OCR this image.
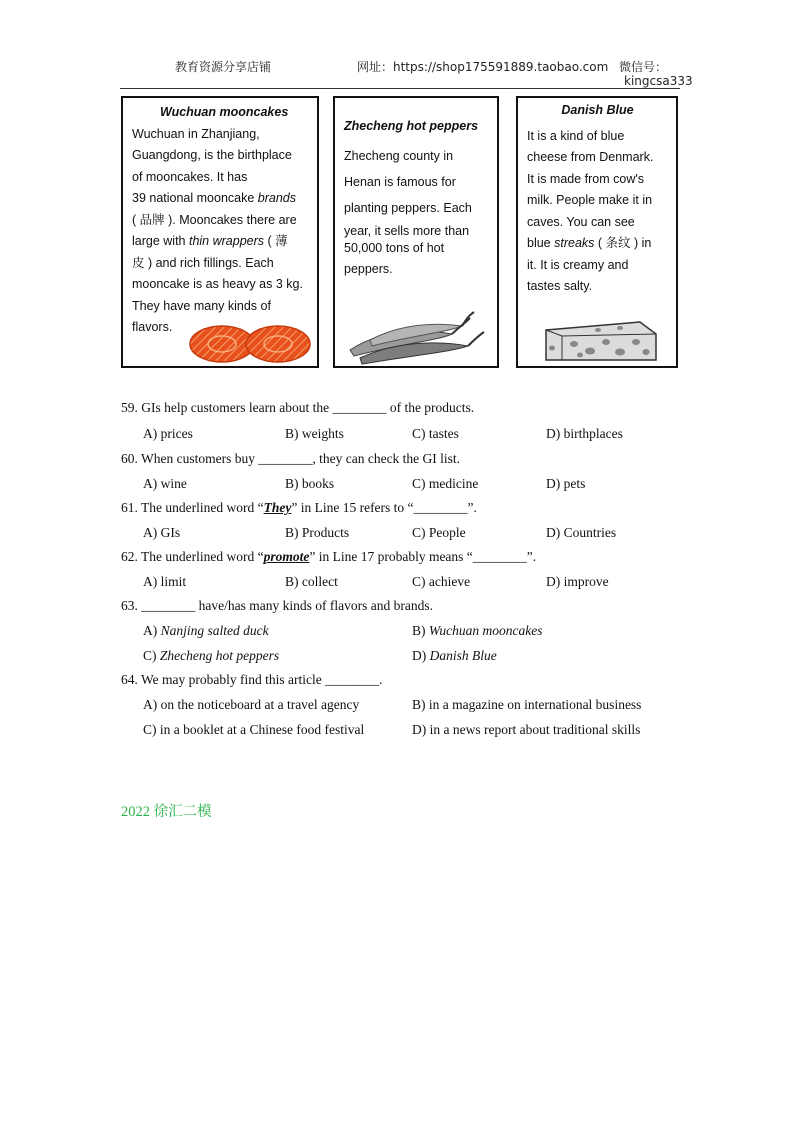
教育资源分享店铺	网址：https://shop175591889.taobao.com 微信号：
kingcsa333

Wuchuan mooncakes

Wuchuan in Zhanjiang,

Guangdong, is the birthplace

of mooncakes. It has

39 national mooncake brands

( 品牌 ). Mooncakes there are

large with thin wrappers ( 薄

皮 ) and rich fillings. Each

mooncake is as heavy as 3 kg.

They have many kinds of

flavors.

Zhecheng hot peppers

Zhecheng county in

Henan is famous for

planting peppers. Each

year, it sells more than

50,000 tons of hot

peppers.

Danish Blue

It is a kind of blue

cheese from Denmark.

It is made from cow's

milk. People make it in

caves. You can see

blue streaks ( 条纹 ) in

it. It is creamy and

tastes salty.

59. GIs help customers learn about the ________ of the products.
A) prices	B) weights	C) tastes	D) birthplaces
60. When customers buy ________, they can check the GI list.
A) wine	B) books	C) medicine	D) pets
61. The underlined word “They” in Line 15 refers to “________”.
A) GIs	B) Products	C) People	D) Countries
62. The underlined word “promote” in Line 17 probably means “________”.
A) limit	B) collect	C) achieve	D) improve
63. ________ have/has many kinds of flavors and brands.
A) Nanjing salted duck	B) Wuchuan mooncakes
C) Zhecheng hot peppers	D) Danish Blue
64. We may probably find this article ________.
A) on the noticeboard at a travel agency	B) in a magazine on international business
C) in a booklet at a Chinese food festival	D) in a news report about traditional skills
2022 徐汇二模
